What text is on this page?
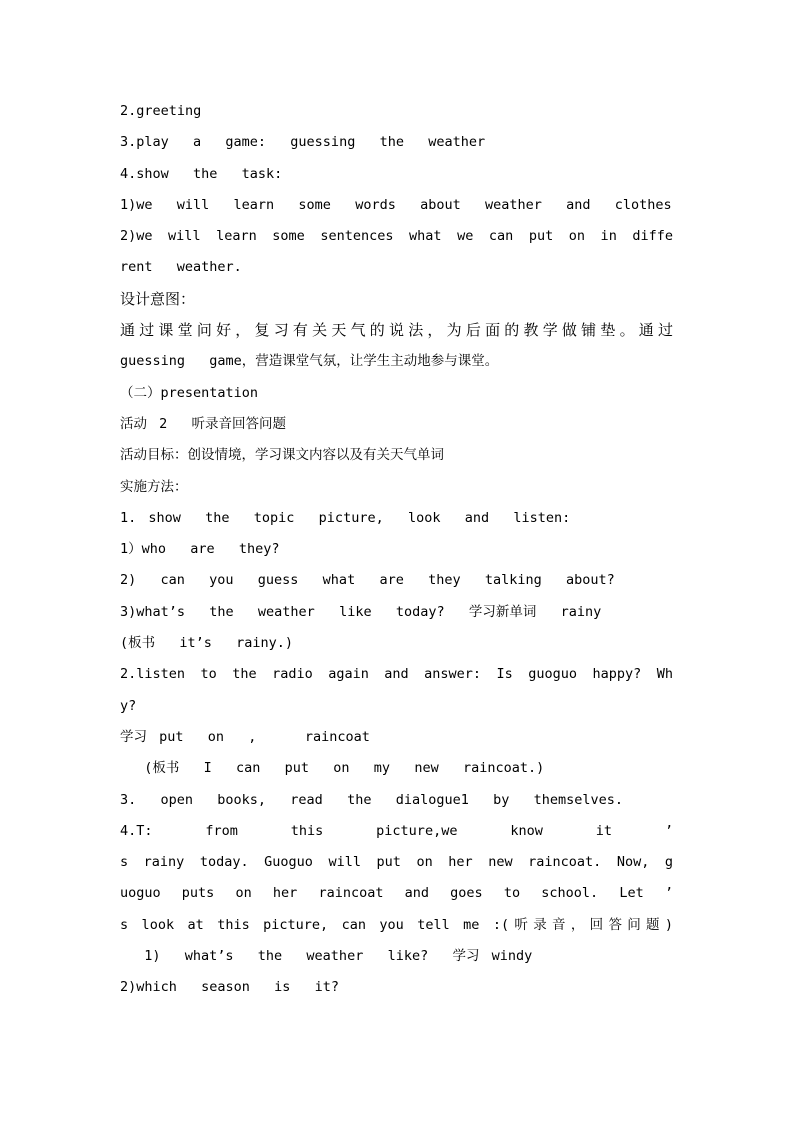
2.greeting
3.play  a  game:  guessing  the  weather
4.show  the  task:
1)we  will  learn  some  words  about  weather  and  clothes
2)we will learn some sentences what we can put on in diffe
rent  weather.
设计意图：
通 过 课 堂 问 好 ， 复 习 有 关 天 气 的 说 法 ， 为 后 面 的 教 学 做 铺 垫 。 通 过
guessing  game，营造课堂气氛，让学生主动地参与课堂。
（二）presentation
活动 2  听录音回答问题
活动目标：创设情境，学习课文内容以及有关天气单词
实施方法：
1. show  the  topic  picture,  look  and  listen:
1）who  are  they?
2)  can  you  guess  what  are  they  talking  about?
3)what’s  the  weather  like  today?  学习新单词  rainy
(板书  it’s  rainy.)
2.listen to the radio again and answer: Is guoguo happy? Wh
y?
学习 put  on  ,    raincoat
(板书  I  can  put  on  my  new  raincoat.)
3.  open  books,  read  the  dialogue1  by  themselves.
4.T: from this picture,we know it ’
s rainy today. Guoguo will put on her new raincoat. Now, g
uoguo puts on her raincoat and goes to school. Let ’
s look at this picture, can you tell me :(听录音，回答问题)
1)  what’s  the  weather  like?  学习 windy
2)which  season  is  it?
